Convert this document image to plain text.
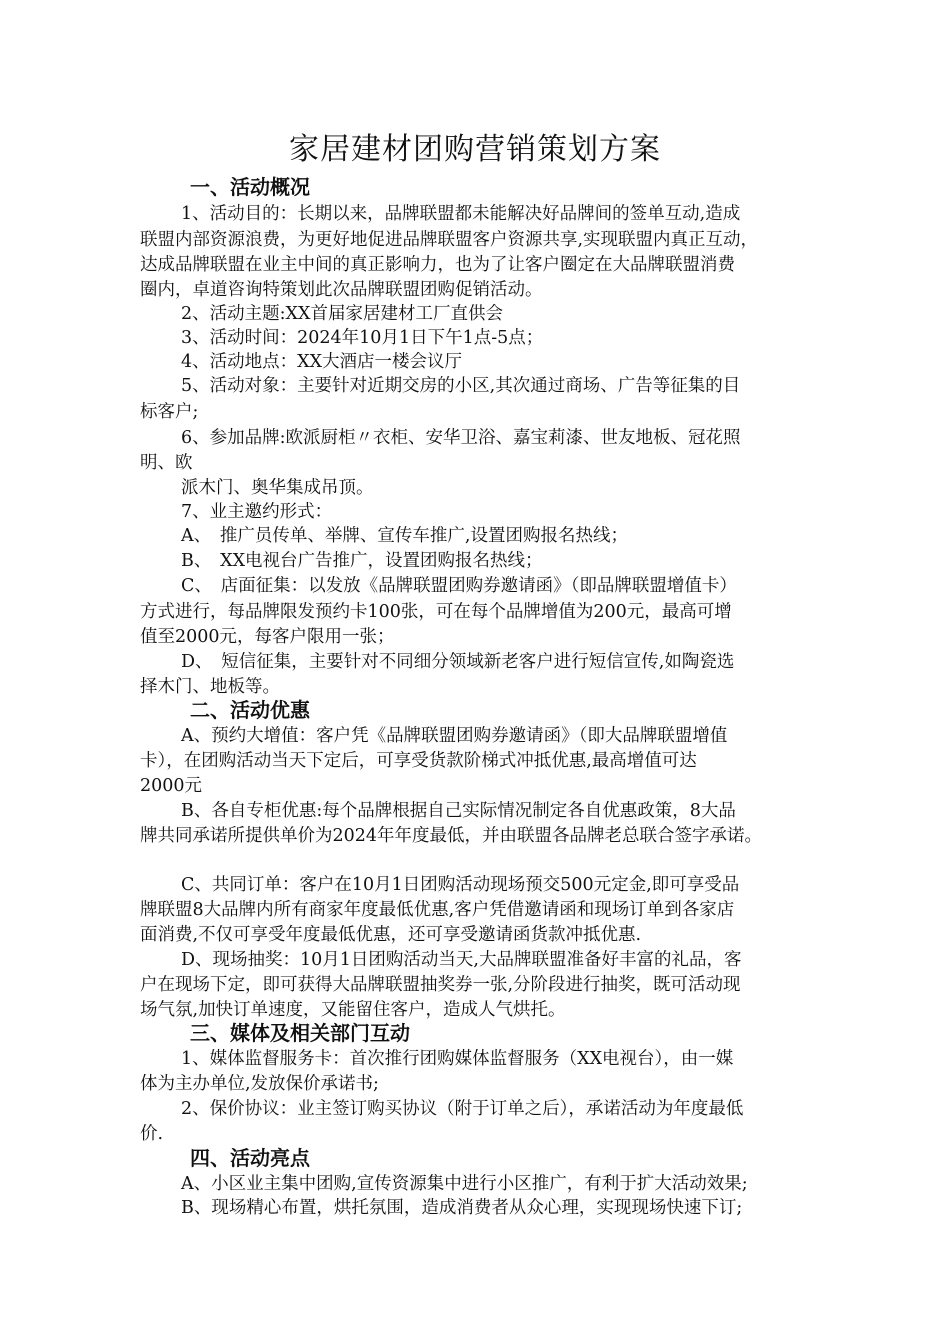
家居建材团购营销策划方案
一、活动概况
1、活动目的：长期以来，品牌联盟都未能解决好品牌间的签单互动,造成
联盟内部资源浪费，为更好地促进品牌联盟客户资源共享,实现联盟内真正互动，
达成品牌联盟在业主中间的真正影响力，也为了让客户圈定在大品牌联盟消费
圈内，卓道咨询特策划此次品牌联盟团购促销活动。
2、活动主题:XX首届家居建材工厂直供会
3、活动时间：2024年10月1日下午1点-5点；
4、活动地点：XX大酒店一楼会议厅
5、活动对象：主要针对近期交房的小区,其次通过商场、广告等征集的目
标客户;
6、参加品牌:欧派厨柜〃衣柜、安华卫浴、嘉宝莉漆、世友地板、冠花照
明、欧
派木门、奥华集成吊顶。
7、业主邀约形式：
A、　推广员传单、举牌、宣传车推广,设置团购报名热线；
B、　XX电视台广告推广，设置团购报名热线；
C、　店面征集：以发放《品牌联盟团购券邀请函》（即品牌联盟增值卡）
方式进行，每品牌限发预约卡100张，可在每个品牌增值为200元，最高可增
值至2000元，每客户限用一张；
D、　短信征集，主要针对不同细分领域新老客户进行短信宣传,如陶瓷选
择木门、地板等。
二、活动优惠
A、预约大增值：客户凭《品牌联盟团购券邀请函》（即大品牌联盟增值
卡），在团购活动当天下定后，可享受货款阶梯式冲抵优惠,最高增值可达
2000元
B、各自专柜优惠:每个品牌根据自己实际情况制定各自优惠政策，8大品
牌共同承诺所提供单价为2024年年度最低，并由联盟各品牌老总联合签字承诺。
C、共同订单：客户在10月1日团购活动现场预交500元定金,即可享受品
牌联盟8大品牌内所有商家年度最低优惠,客户凭借邀请函和现场订单到各家店
面消费,不仅可享受年度最低优惠，还可享受邀请函货款冲抵优惠.
D、现场抽奖：10月1日团购活动当天,大品牌联盟准备好丰富的礼品，客
户在现场下定，即可获得大品牌联盟抽奖券一张,分阶段进行抽奖，既可活动现
场气氛,加快订单速度，又能留住客户，造成人气烘托。
三、媒体及相关部门互动
1、媒体监督服务卡：首次推行团购媒体监督服务（XX电视台），由一媒
体为主办单位,发放保价承诺书;
2、保价协议：业主签订购买协议（附于订单之后），承诺活动为年度最低
价.
四、活动亮点
A、小区业主集中团购,宣传资源集中进行小区推广，有利于扩大活动效果;
B、现场精心布置，烘托氛围，造成消费者从众心理，实现现场快速下订;
